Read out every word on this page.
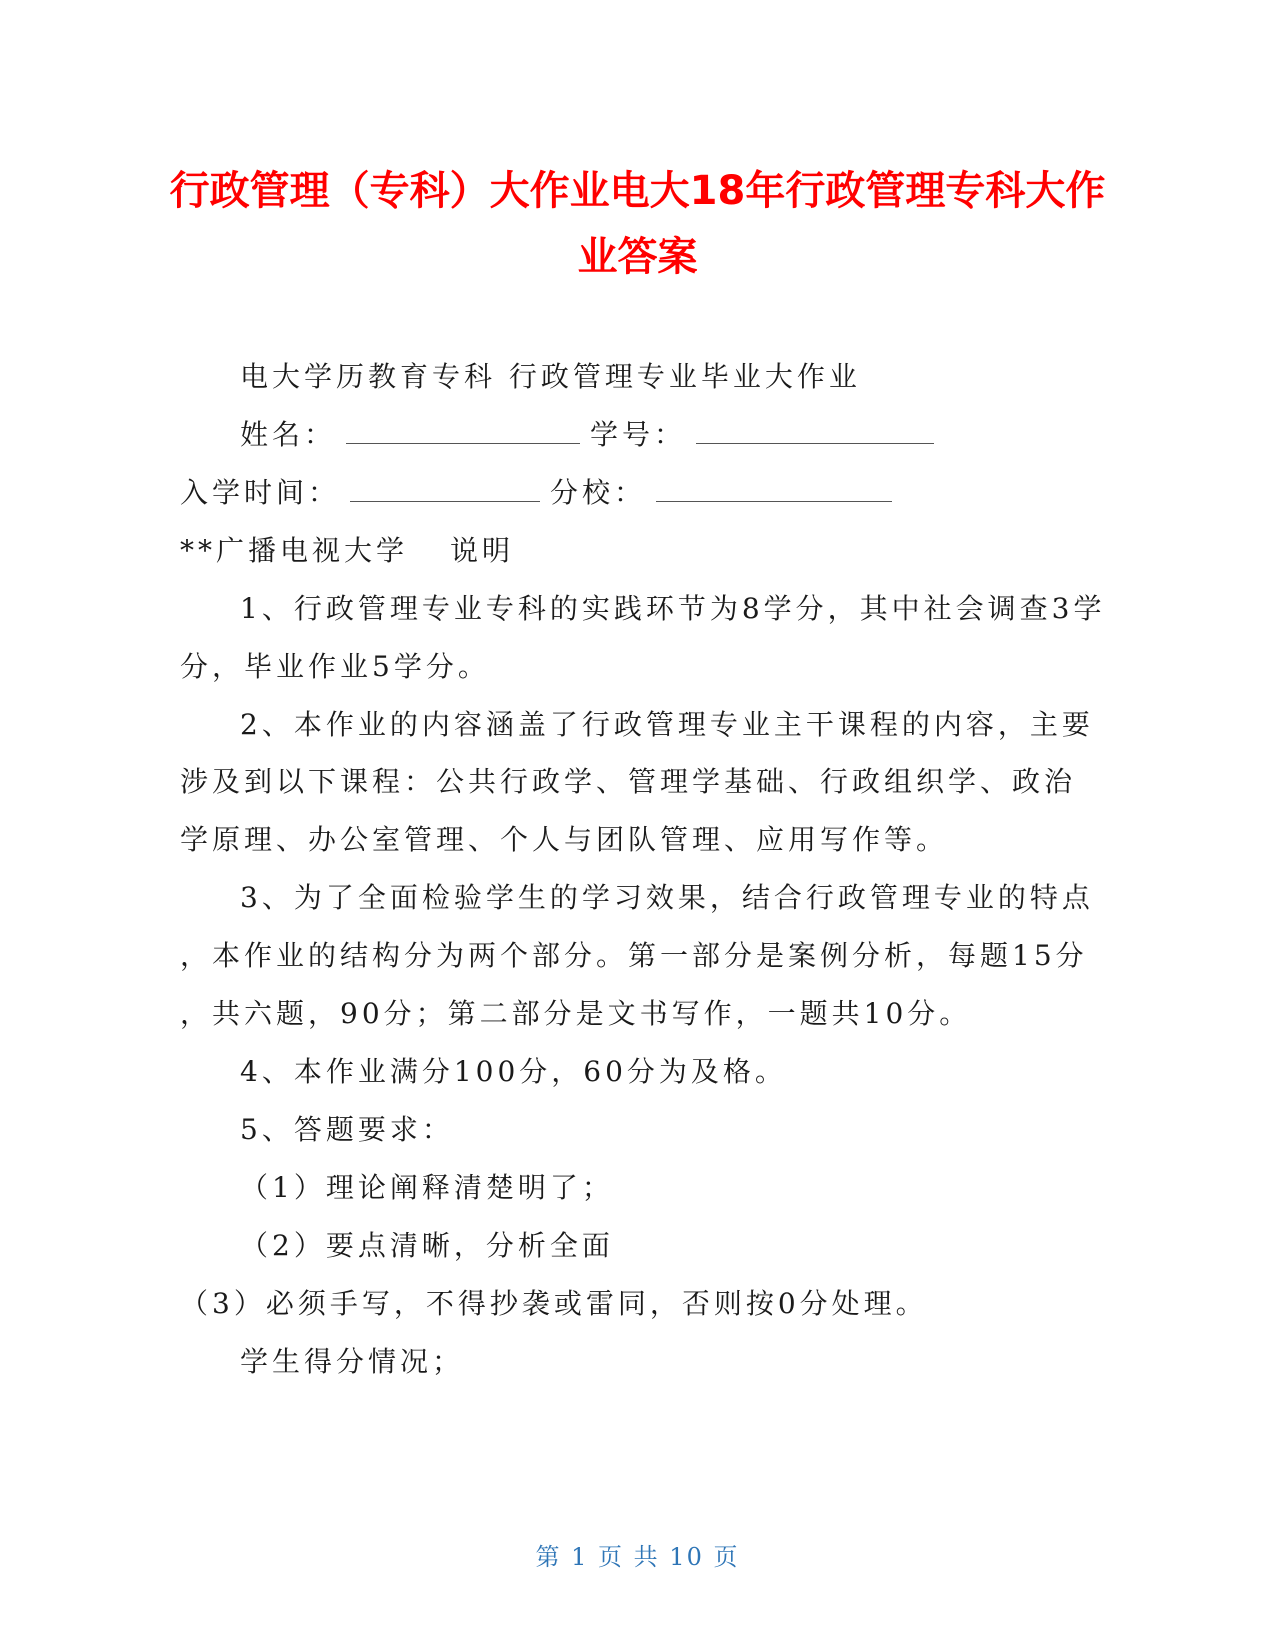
行政管理（专科）大作业电大18年行政管理专科大作业答案

电大学历教育专科 行政管理专业毕业大作业

姓名：	学号：
入学时间：	分校：
**广播电视大学 说明

1、行政管理专业专科的实践环节为8学分，其中社会调查3学

分，毕业作业5学分。

2、本作业的内容涵盖了行政管理专业主干课程的内容，主要

涉及到以下课程：公共行政学、管理学基础、行政组织学、政治

学原理、办公室管理、个人与团队管理、应用写作等。

3、为了全面检验学生的学习效果，结合行政管理专业的特点

，本作业的结构分为两个部分。第一部分是案例分析，每题15分

，共六题，90分；第二部分是文书写作，一题共10分。

4、本作业满分100分，60分为及格。

5、答题要求：

（1）理论阐释清楚明了；

（2）要点清晰，分析全面

（3）必须手写，不得抄袭或雷同，否则按0分处理。

学生得分情况；

第 1 页 共 10 页
